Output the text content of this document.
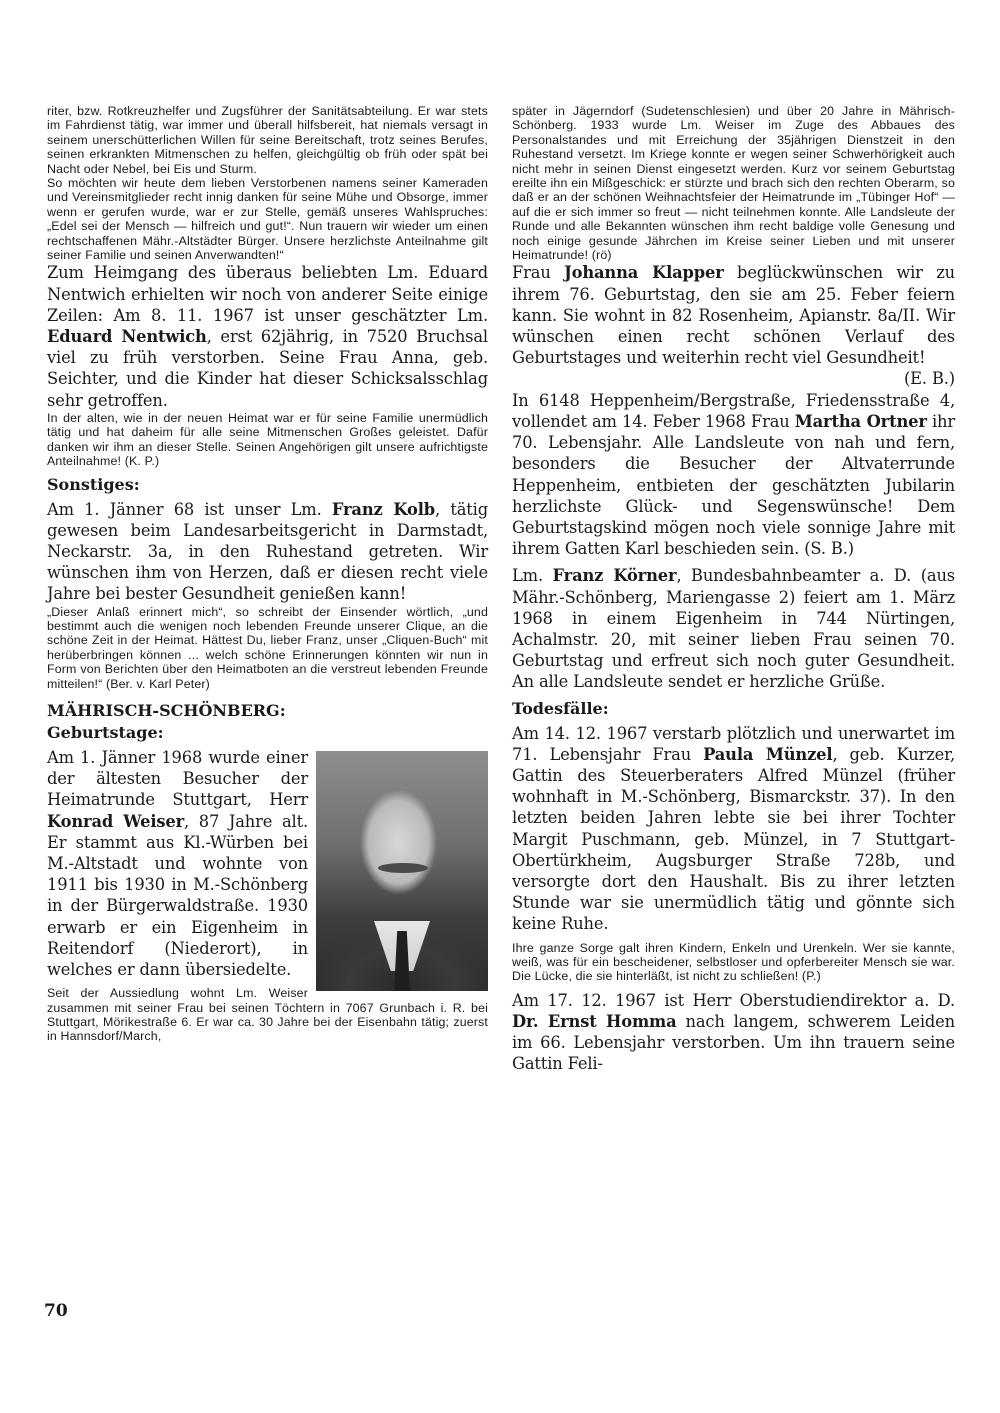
riter, bzw. Rotkreuzhelfer und Zugsführer der Sanitätsabteilung. Er war stets im Fahrdienst tätig, war immer und überall hilfsbereit, hat niemals versagt in seinem unerschütterlichen Willen für seine Bereitschaft, trotz seines Berufes, seinen erkrankten Mitmenschen zu helfen, gleichgültig ob früh oder spät bei Nacht oder Nebel, bei Eis und Sturm.

So möchten wir heute dem lieben Verstorbenen namens seiner Kameraden und Vereinsmitglieder recht innig danken für seine Mühe und Obsorge, immer wenn er gerufen wurde, war er zur Stelle, gemäß unseres Wahlspruches: „Edel sei der Mensch — hilfreich und gut!“. Nun trauern wir wieder um einen rechtschaffenen Mähr.-Altstädter Bürger. Unsere herzlichste Anteilnahme gilt seiner Familie und seinen Anverwandten!“

Zum Heimgang des überaus beliebten Lm. Eduard Nentwich erhielten wir noch von anderer Seite einige Zeilen: Am 8. 11. 1967 ist unser geschätzter Lm. Eduard Nentwich, erst 62jährig, in 7520 Bruchsal viel zu früh verstorben. Seine Frau Anna, geb. Seichter, und die Kinder hat dieser Schicksalsschlag sehr getroffen.

In der alten, wie in der neuen Heimat war er für seine Familie unermüdlich tätig und hat daheim für alle seine Mitmenschen Großes geleistet. Dafür danken wir ihm an dieser Stelle. Seinen Angehörigen gilt unsere aufrichtigste Anteilnahme! (K. P.)

Sonstiges:

Am 1. Jänner 68 ist unser Lm. Franz Kolb, tätig gewesen beim Landesarbeitsgericht in Darmstadt, Neckarstr. 3a, in den Ruhestand getreten. Wir wünschen ihm von Herzen, daß er diesen recht viele Jahre bei bester Gesundheit genießen kann!

„Dieser Anlaß erinnert mich“, so schreibt der Einsender wörtlich, „und bestimmt auch die wenigen noch lebenden Freunde unserer Clique, an die schöne Zeit in der Heimat. Hättest Du, lieber Franz, unser „Cliquen-Buch“ mit herüberbringen können ... welch schöne Erinnerungen könnten wir nun in Form von Berichten über den Heimatboten an die verstreut lebenden Freunde mitteilen!“ (Ber. v. Karl Peter)

MÄHRISCH-SCHÖNBERG:
Geburtstage:

Am 1. Jänner 1968 wurde einer der ältesten Besucher der Heimatrunde Stuttgart, Herr Konrad Weiser, 87 Jahre alt. Er stammt aus Kl.-Würben bei M.-Altstadt und wohnte von 1911 bis 1930 in M.-Schönberg in der Bürgerwaldstraße. 1930 erwarb er ein Eigenheim in Reitendorf (Niederort), in welches er dann übersiedelte.

Seit der Aussiedlung wohnt Lm. Weiser zusammen mit seiner Frau bei seinen Töchtern in 7067 Grunbach i. R. bei Stuttgart, Mörikestraße 6. Er war ca. 30 Jahre bei der Eisenbahn tätig; zuerst in Hannsdorf/March,

später in Jägerndorf (Sudetenschlesien) und über 20 Jahre in Mährisch-Schönberg. 1933 wurde Lm. Weiser im Zuge des Abbaues des Personalstandes und mit Erreichung der 35jährigen Dienstzeit in den Ruhestand versetzt. Im Kriege konnte er wegen seiner Schwerhörigkeit auch nicht mehr in seinen Dienst eingesetzt werden. Kurz vor seinem Geburtstag ereilte ihn ein Mißgeschick: er stürzte und brach sich den rechten Oberarm, so daß er an der schönen Weihnachtsfeier der Heimatrunde im „Tübinger Hof“ — auf die er sich immer so freut — nicht teilnehmen konnte. Alle Landsleute der Runde und alle Bekannten wünschen ihm recht baldige volle Genesung und noch einige gesunde Jährchen im Kreise seiner Lieben und mit unserer Heimatrunde! (rö)

Frau Johanna Klapper beglückwünschen wir zu ihrem 76. Geburtstag, den sie am 25. Feber feiern kann. Sie wohnt in 82 Rosenheim, Apianstr. 8a/II. Wir wünschen einen recht schönen Verlauf des Geburtstages und weiterhin recht viel Gesundheit!

(E. B.)

In 6148 Heppenheim/Bergstraße, Friedensstraße 4, vollendet am 14. Feber 1968 Frau Martha Ortner ihr 70. Lebensjahr. Alle Landsleute von nah und fern, besonders die Besucher der Altvaterrunde Heppenheim, entbieten der geschätzten Jubilarin herzlichste Glück- und Segenswünsche! Dem Geburtstagskind mögen noch viele sonnige Jahre mit ihrem Gatten Karl beschieden sein. (S. B.)

Lm. Franz Körner, Bundesbahnbeamter a. D. (aus Mähr.-Schönberg, Mariengasse 2) feiert am 1. März 1968 in einem Eigenheim in 744 Nürtingen, Achalmstr. 20, mit seiner lieben Frau seinen 70. Geburtstag und erfreut sich noch guter Gesundheit. An alle Landsleute sendet er herzliche Grüße.

Todesfälle:

Am 14. 12. 1967 verstarb plötzlich und unerwartet im 71. Lebensjahr Frau Paula Münzel, geb. Kurzer, Gattin des Steuerberaters Alfred Münzel (früher wohnhaft in M.-Schönberg, Bismarckstr. 37). In den letzten beiden Jahren lebte sie bei ihrer Tochter Margit Puschmann, geb. Münzel, in 7 Stuttgart-Obertürkheim, Augsburger Straße 728b, und versorgte dort den Haushalt. Bis zu ihrer letzten Stunde war sie unermüdlich tätig und gönnte sich keine Ruhe.

Ihre ganze Sorge galt ihren Kindern, Enkeln und Urenkeln. Wer sie kannte, weiß, was für ein bescheidener, selbstloser und opferbereiter Mensch sie war. Die Lücke, die sie hinterläßt, ist nicht zu schließen! (P.)

Am 17. 12. 1967 ist Herr Oberstudiendirektor a. D. Dr. Ernst Homma nach langem, schwerem Leiden im 66. Lebensjahr verstorben. Um ihn trauern seine Gattin Feli-

70
